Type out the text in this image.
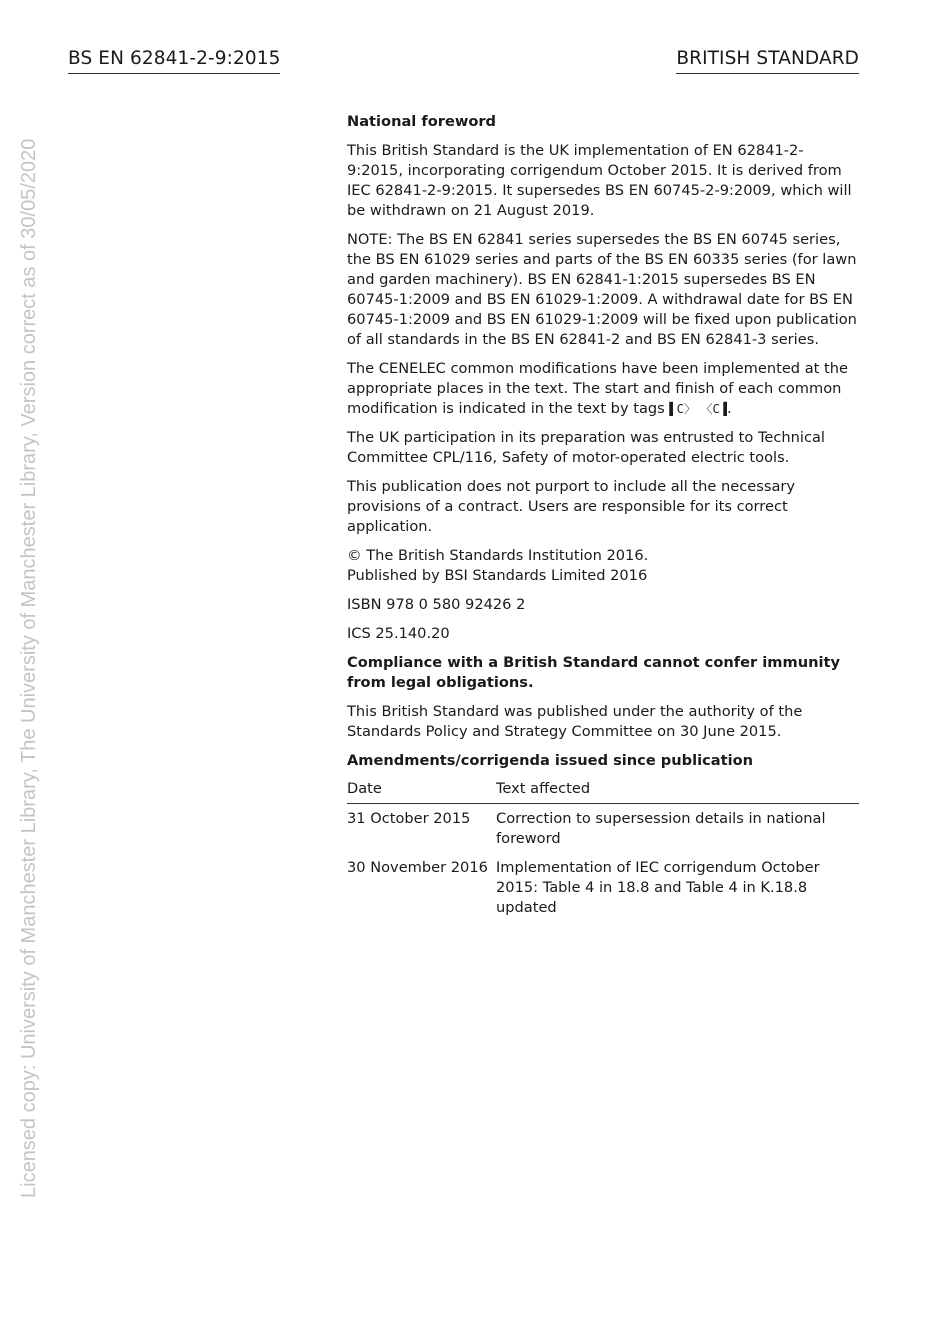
BS EN 62841-2-9:2015	BRITISH STANDARD
Licensed copy: University of Manchester Library, The University of Manchester Library, Version correct as of 30/05/2020

National foreword

This British Standard is the UK implementation of EN 62841-2-9:2015, incorporating corrigendum October 2015. It is derived from IEC 62841-2-9:2015. It supersedes BS EN 60745-2-9:2009, which will be withdrawn on 21 August 2019.

NOTE: The BS EN 62841 series supersedes the BS EN 60745 series, the BS EN 61029 series and parts of the BS EN 60335 series (for lawn and garden machinery). BS EN 62841-1:2015 supersedes BS EN 60745-1:2009 and BS EN 61029-1:2009. A withdrawal date for BS EN 60745-1:2009 and BS EN 61029-1:2009 will be fixed upon publication of all standards in the BS EN 62841-2 and BS EN 62841-3 series.

The CENELEC common modifications have been implemented at the appropriate places in the text. The start and finish of each common modification is indicated in the text by tags ▌C〉 〈C▐.

The UK participation in its preparation was entrusted to Technical Committee CPL/116, Safety of motor-operated electric tools.

This publication does not purport to include all the necessary provisions of a contract. Users are responsible for its correct application.

© The British Standards Institution 2016.
Published by BSI Standards Limited 2016

ISBN 978 0 580 92426 2

ICS 25.140.20

Compliance with a British Standard cannot confer immunity from legal obligations.

This British Standard was published under the authority of the Standards Policy and Strategy Committee on 30 June 2015.

Amendments/corrigenda issued since publication

Date	Text affected
31 October 2015	Correction to supersession details in national foreword
30 November 2016	Implementation of IEC corrigendum October 2015: Table 4 in 18.8 and Table 4 in K.18.8 updated
